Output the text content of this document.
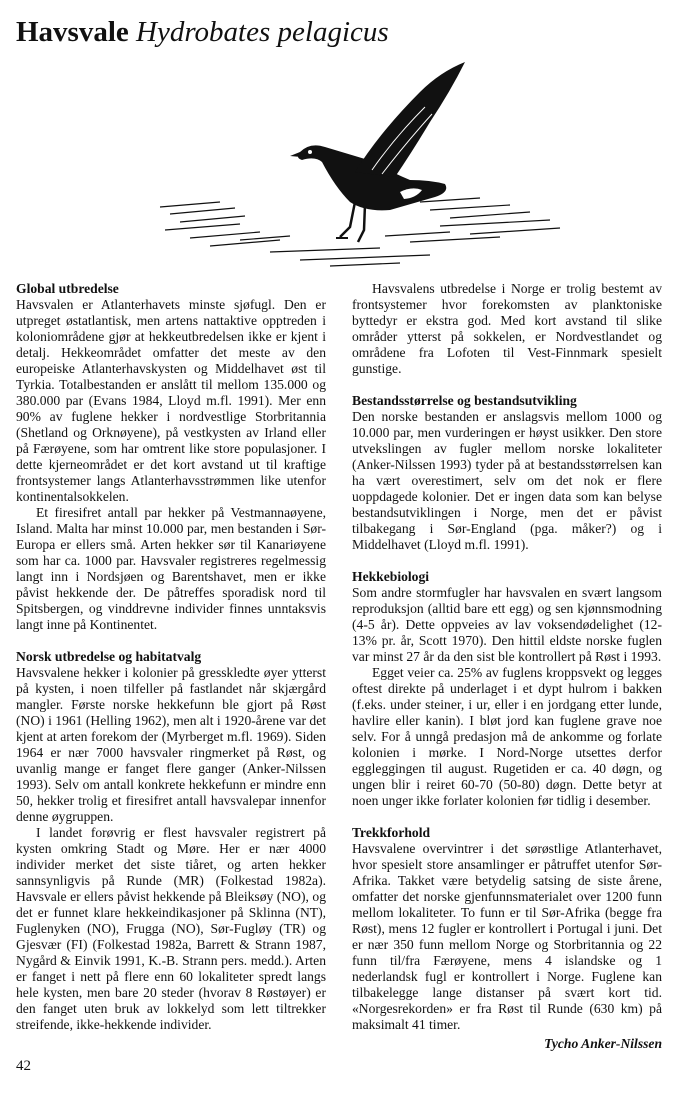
Havsvale Hydrobates pelagicus
Global utbredelse

Havsvalen er Atlanterhavets minste sjøfugl. Den er utpreget østatlantisk, men artens nattaktive opptreden i koloniområdene gjør at hekkeutbredelsen ikke er kjent i detalj. Hekkeområdet omfatter det meste av den europeiske Atlanterhavskysten og Middelhavet øst til Tyrkia. Totalbestanden er anslått til mellom 135.000 og 380.000 par (Evans 1984, Lloyd m.fl. 1991). Mer enn 90% av fuglene hekker i nordvestlige Storbritannia (Shetland og Orknøyene), på vestkysten av Irland eller på Færøyene, som har omtrent like store populasjoner. I dette kjerneområdet er det kort avstand ut til kraftige frontsystemer langs Atlanterhavsstrømmen like utenfor kontinentalsokkelen.

Et firesifret antall par hekker på Vestmannaøyene, Island. Malta har minst 10.000 par, men bestanden i Sør-Europa er ellers små. Arten hekker sør til Kanariøyene som har ca. 1000 par. Havsvaler registreres regelmessig langt inn i Nordsjøen og Barentshavet, men er ikke påvist hekkende der. De påtreffes sporadisk nord til Spitsbergen, og vinddrevne individer finnes unntaksvis langt inne på Kontinentet.

Norsk utbredelse og habitatvalg

Havsvalene hekker i kolonier på gresskledte øyer ytterst på kysten, i noen tilfeller på fastlandet når skjærgård mangler. Første norske hekkefunn ble gjort på Røst (NO) i 1961 (Helling 1962), men alt i 1920-årene var det kjent at arten forekom der (Myrberget m.fl. 1969). Siden 1964 er nær 7000 havsvaler ringmerket på Røst, og uvanlig mange er fanget flere ganger (Anker-Nilssen 1993). Selv om antall konkrete hekkefunn er mindre enn 50, hekker trolig et firesifret antall havsvalepar innenfor denne øygruppen.

I landet forøvrig er flest havsvaler registrert på kysten omkring Stadt og Møre. Her er nær 4000 individer merket det siste tiåret, og arten hekker sannsynligvis på Runde (MR) (Folkestad 1982a). Havsvale er ellers påvist hekkende på Bleiksøy (NO), og det er funnet klare hekkeindikasjoner på Sklinna (NT), Fuglenyken (NO), Frugga (NO), Sør-Fugløy (TR) og Gjesvær (FI) (Folkestad 1982a, Barrett & Strann 1987, Nygård & Einvik 1991, K.-B. Strann pers. medd.). Arten er fanget i nett på flere enn 60 lokaliteter spredt langs hele kysten, men bare 20 steder (hvorav 8 Røstøyer) er den fanget uten bruk av lokkelyd som lett tiltrekker streifende, ikke-hekkende individer.

Havsvalens utbredelse i Norge er trolig bestemt av frontsystemer hvor forekomsten av planktoniske byttedyr er ekstra god. Med kort avstand til slike områder ytterst på sokkelen, er Nordvestlandet og områdene fra Lofoten til Vest-Finnmark spesielt gunstige.

Bestandsstørrelse og bestandsutvikling

Den norske bestanden er anslagsvis mellom 1000 og 10.000 par, men vurderingen er høyst usikker. Den store utvekslingen av fugler mellom norske lokaliteter (Anker-Nilssen 1993) tyder på at bestandsstørrelsen kan ha vært overestimert, selv om det nok er flere uoppdagede kolonier. Det er ingen data som kan belyse bestandsutviklingen i Norge, men det er påvist tilbakegang i Sør-England (pga. måker?) og i Middelhavet (Lloyd m.fl. 1991).

Hekkebiologi

Som andre stormfugler har havsvalen en svært langsom reproduksjon (alltid bare ett egg) og sen kjønnsmodning (4-5 år). Dette oppveies av lav voksendødelighet (12-13% pr. år, Scott 1970). Den hittil eldste norske fuglen var minst 27 år da den sist ble kontrollert på Røst i 1993.

Egget veier ca. 25% av fuglens kroppsvekt og legges oftest direkte på underlaget i et dypt hulrom i bakken (f.eks. under steiner, i ur, eller i en jordgang etter lunde, havlire eller kanin). I bløt jord kan fuglene grave noe selv. For å unngå predasjon må de ankomme og forlate kolonien i mørke. I Nord-Norge utsettes derfor eggleggingen til august. Rugetiden er ca. 40 døgn, og ungen blir i reiret 60-70 (50-80) døgn. Dette betyr at noen unger ikke forlater kolonien før tidlig i desember.

Trekkforhold

Havsvalene overvintrer i det sørøstlige Atlanterhavet, hvor spesielt store ansamlinger er påtruffet utenfor Sør-Afrika. Takket være betydelig satsing de siste årene, omfatter det norske gjenfunnsmaterialet over 1200 funn mellom lokaliteter. To funn er til Sør-Afrika (begge fra Røst), mens 12 fugler er kontrollert i Portugal i juni. Det er nær 350 funn mellom Norge og Storbritannia og 22 funn til/fra Færøyene, mens 4 islandske og 1 nederlandsk fugl er kontrollert i Norge. Fuglene kan tilbakelegge lange distanser på svært kort tid. «Norgesrekorden» er fra Røst til Runde (630 km) på maksimalt 41 timer.

Tycho Anker-Nilssen
42
